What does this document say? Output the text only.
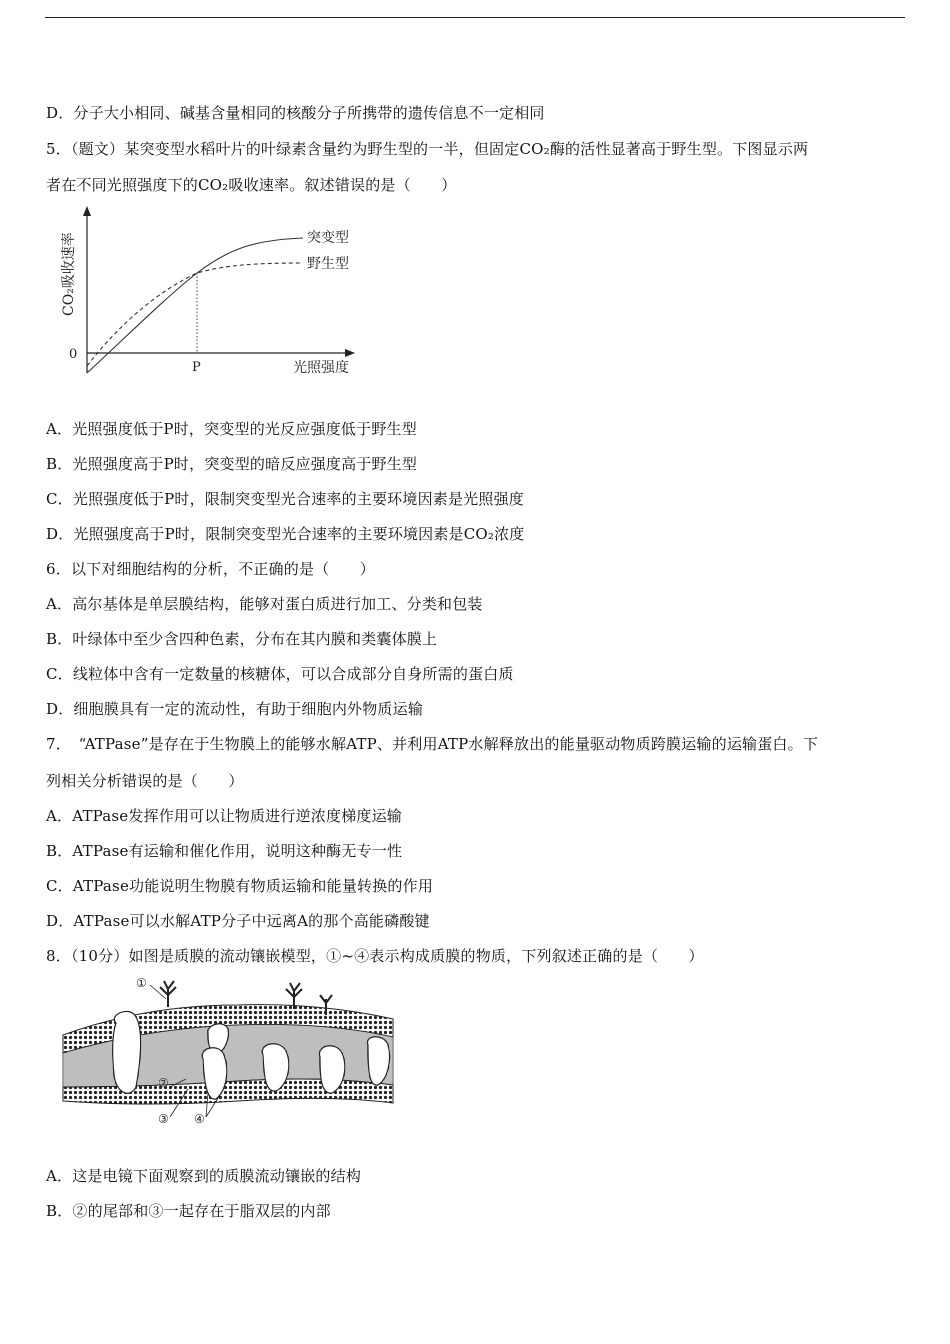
D．分子大小相同、碱基含量相同的核酸分子所携带的遗传信息不一定相同
5．（题文）某突变型水稻叶片的叶绿素含量约为野生型的一半，但固定CO₂酶的活性显著高于野生型。下图显示两
者在不同光照强度下的CO₂吸收速率。叙述错误的是（　　）
0
P	光照强度
突变型
野生型
CO₂吸收速率
A．光照强度低于P时，突变型的光反应强度低于野生型
B．光照强度高于P时，突变型的暗反应强度高于野生型
C．光照强度低于P时，限制突变型光合速率的主要环境因素是光照强度
D．光照强度高于P时，限制突变型光合速率的主要环境因素是CO₂浓度
6．以下对细胞结构的分析，不正确的是（　　）
A．高尔基体是单层膜结构，能够对蛋白质进行加工、分类和包装
B．叶绿体中至少含四种色素，分布在其内膜和类囊体膜上
C．线粒体中含有一定数量的核糖体，可以合成部分自身所需的蛋白质
D．细胞膜具有一定的流动性，有助于细胞内外物质运输
7．　“ATPase”是存在于生物膜上的能够水解ATP、并利用ATP水解释放出的能量驱动物质跨膜运输的运输蛋白。下
列相关分析错误的是（　　）
A．ATPase发挥作用可以让物质进行逆浓度梯度运输
B．ATPase有运输和催化作用，说明这种酶无专一性
C．ATPase功能说明生物膜有物质运输和能量转换的作用
D．ATPase可以水解ATP分子中远离A的那个高能磷酸键
8．（10分）如图是质膜的流动镶嵌模型，①~④表示构成质膜的物质，下列叙述正确的是（　　）
①
②
③ ④
A．这是电镜下面观察到的质膜流动镶嵌的结构
B．②的尾部和③一起存在于脂双层的内部
